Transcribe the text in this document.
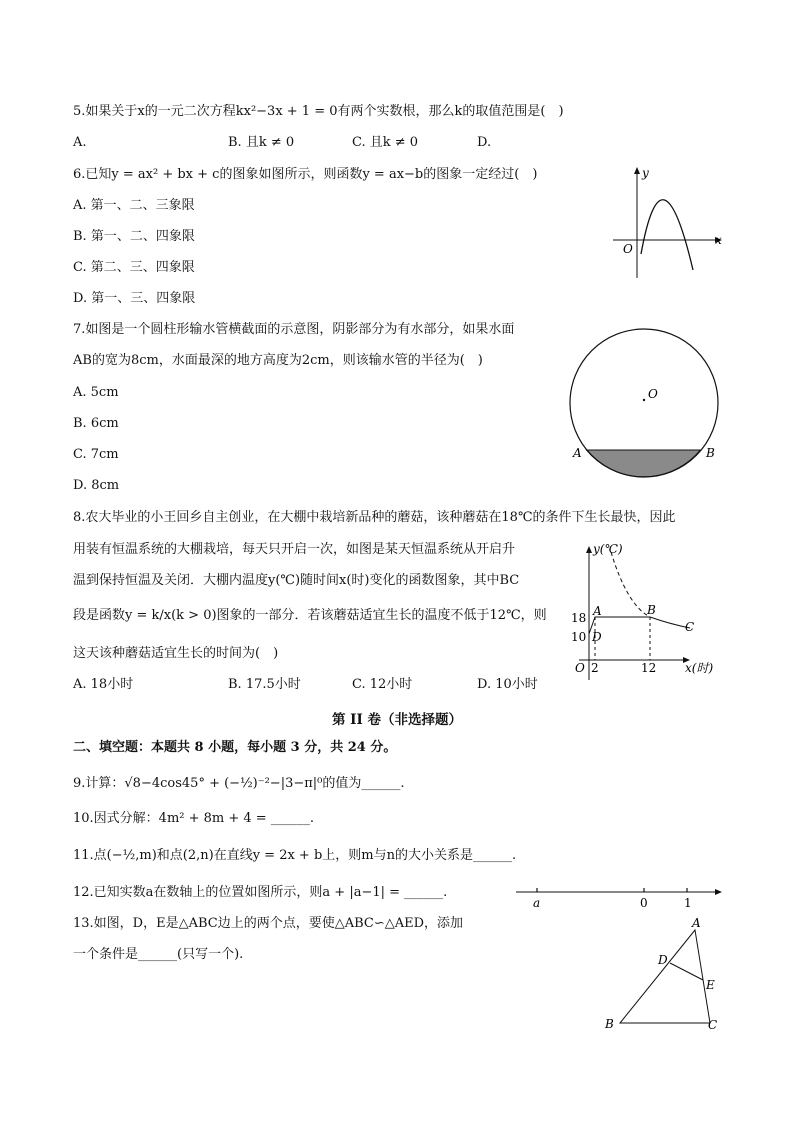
5.如果关于x的一元二次方程kx²−3x + 1 = 0有两个实数根，那么k的取值范围是(　)
A.	B. 且k ≠ 0	C. 且k ≠ 0	D.
6.已知y = ax² + bx + c的图象如图所示，则函数y = ax−b的图象一定经过(　)
A. 第一、二、三象限
B. 第一、二、四象限
C. 第二、三、四象限
D. 第一、三、四象限
y
x
O
7.如图是一个圆柱形输水管横截面的示意图，阴影部分为有水部分，如果水面
AB的宽为8cm，水面最深的地方高度为2cm，则该输水管的半径为(　)
A. 5cm
B. 6cm
C. 7cm
D. 8cm
O
A	B
8.农大毕业的小王回乡自主创业，在大棚中栽培新品种的蘑菇，该种蘑菇在18℃的条件下生长最快，因此
用装有恒温系统的大棚栽培，每天只开启一次，如图是某天恒温系统从开启升
温到保持恒温及关闭．大棚内温度y(℃)随时间x(时)变化的函数图象，其中BC
段是函数y = k/x(k > 0)图象的一部分．若该蘑菇适宜生长的温度不低于12℃，则
这天该种蘑菇适宜生长的时间为(　)
A. 18小时	B. 17.5小时	C. 12小时	D. 10小时
y(℃)
x(时)
O
18
10
2	12
A	B
C
D
第 II 卷（非选择题）
二、填空题：本题共 8 小题，每小题 3 分，共 24 分。
9.计算：√8−4cos45° + (−½)⁻²−|3−π|⁰的值为______.
10.因式分解：4m² + 8m + 4 = ______.
11.点(−½,m)和点(2,n)在直线y = 2x + b上，则m与n的大小关系是______.
12.已知实数a在数轴上的位置如图所示，则a + |a−1| = ______.
a	0	1
13.如图，D，E是△ABC边上的两个点，要使△ABC∽△AED，添加
一个条件是______(只写一个).
A
D
E
B	C
